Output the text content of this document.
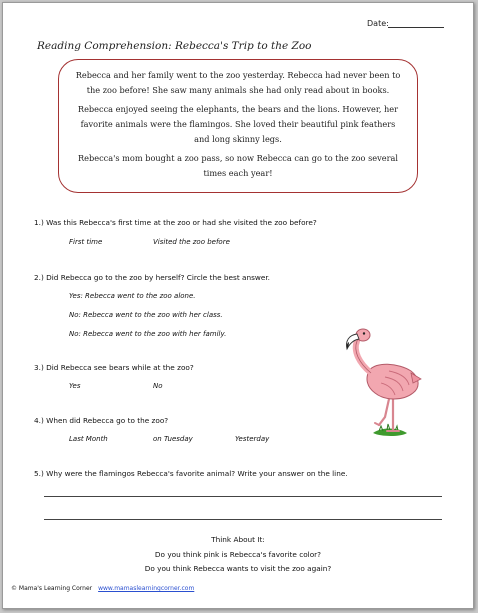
Date:
Reading Comprehension: Rebecca's Trip to the Zoo

Rebecca and her family went to the zoo yesterday. Rebecca had never been to the zoo before! She saw many animals she had only read about in books.

Rebecca enjoyed seeing the elephants, the bears and the lions. However, her favorite animals were the flamingos. She loved their beautiful pink feathers and long skinny legs.

Rebecca's mom bought a zoo pass, so now Rebecca can go to the zoo several times each year!

1.) Was this Rebecca's first time at the zoo or had she visited the zoo before?
First time	Visited the zoo before
2.) Did Rebecca go to the zoo by herself? Circle the best answer.
Yes: Rebecca went to the zoo alone.
No: Rebecca went to the zoo with her class.
No: Rebecca went to the zoo with her family.
3.) Did Rebecca see bears while at the zoo?
Yes	No
4.) When did Rebecca go to the zoo?
Last Month	on Tuesday	Yesterday
5.) Why were the flamingos Rebecca's favorite animal? Write your answer on the line.
Think About It:
Do you think pink is Rebecca's favorite color?
Do you think Rebecca wants to visit the zoo again?
© Mama's Learning Corner www.mamaslearningcorner.com
